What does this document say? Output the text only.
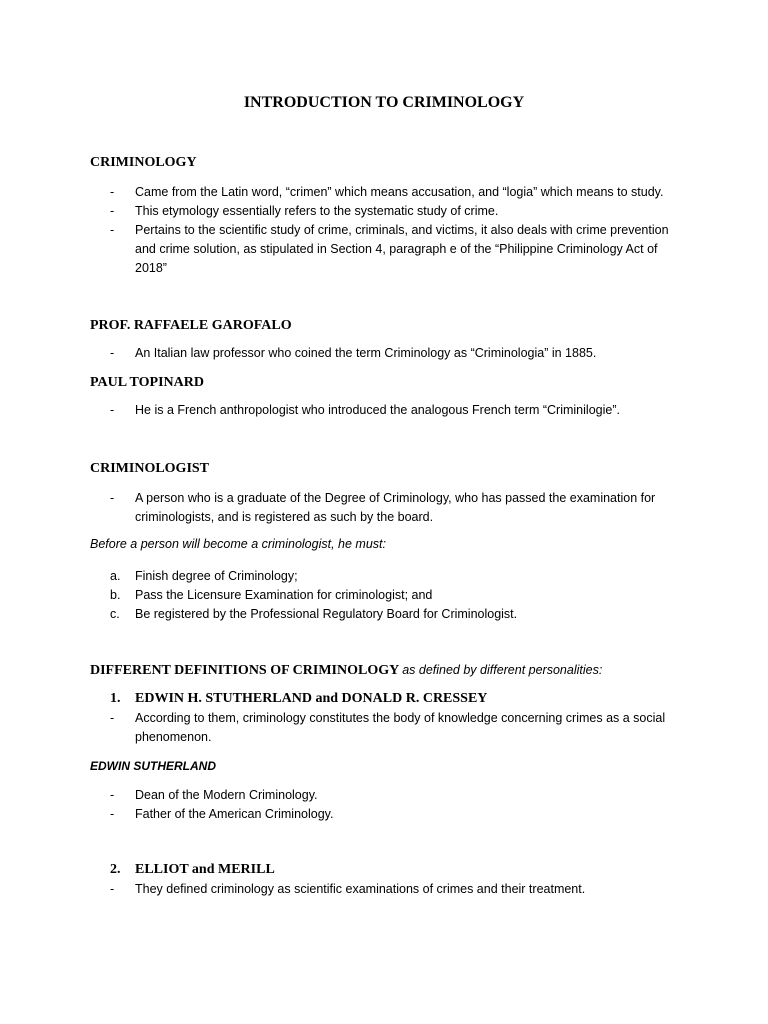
INTRODUCTION TO CRIMINOLOGY
CRIMINOLOGY
-	Came from the Latin word, “crimen” which means accusation, and “logia” which means to study.
-	This etymology essentially refers to the systematic study of crime.
-	Pertains to the scientific study of crime, criminals, and victims, it also deals with crime prevention and crime solution, as stipulated in Section 4, paragraph e of the “Philippine Criminology Act of 2018”
PROF. RAFFAELE GAROFALO
-	An Italian law professor who coined the term Criminology as “Criminologia” in 1885.
PAUL TOPINARD
-	He is a French anthropologist who introduced the analogous French term “Criminilogie”.
CRIMINOLOGIST
-	A person who is a graduate of the Degree of Criminology, who has passed the examination for criminologists, and is registered as such by the board.
Before a person will become a criminologist, he must:
a.	Finish degree of Criminology;
b.	Pass the Licensure Examination for criminologist; and
c.	Be registered by the Professional Regulatory Board for Criminologist.
DIFFERENT DEFINITIONS OF CRIMINOLOGY as defined by different personalities:
1. EDWIN H. STUTHERLAND and DONALD R. CRESSEY
-	According to them, criminology constitutes the body of knowledge concerning crimes as a social phenomenon.
EDWIN SUTHERLAND
-	Dean of the Modern Criminology.
-	Father of the American Criminology.
2. ELLIOT and MERILL
-	They defined criminology as scientific examinations of crimes and their treatment.
